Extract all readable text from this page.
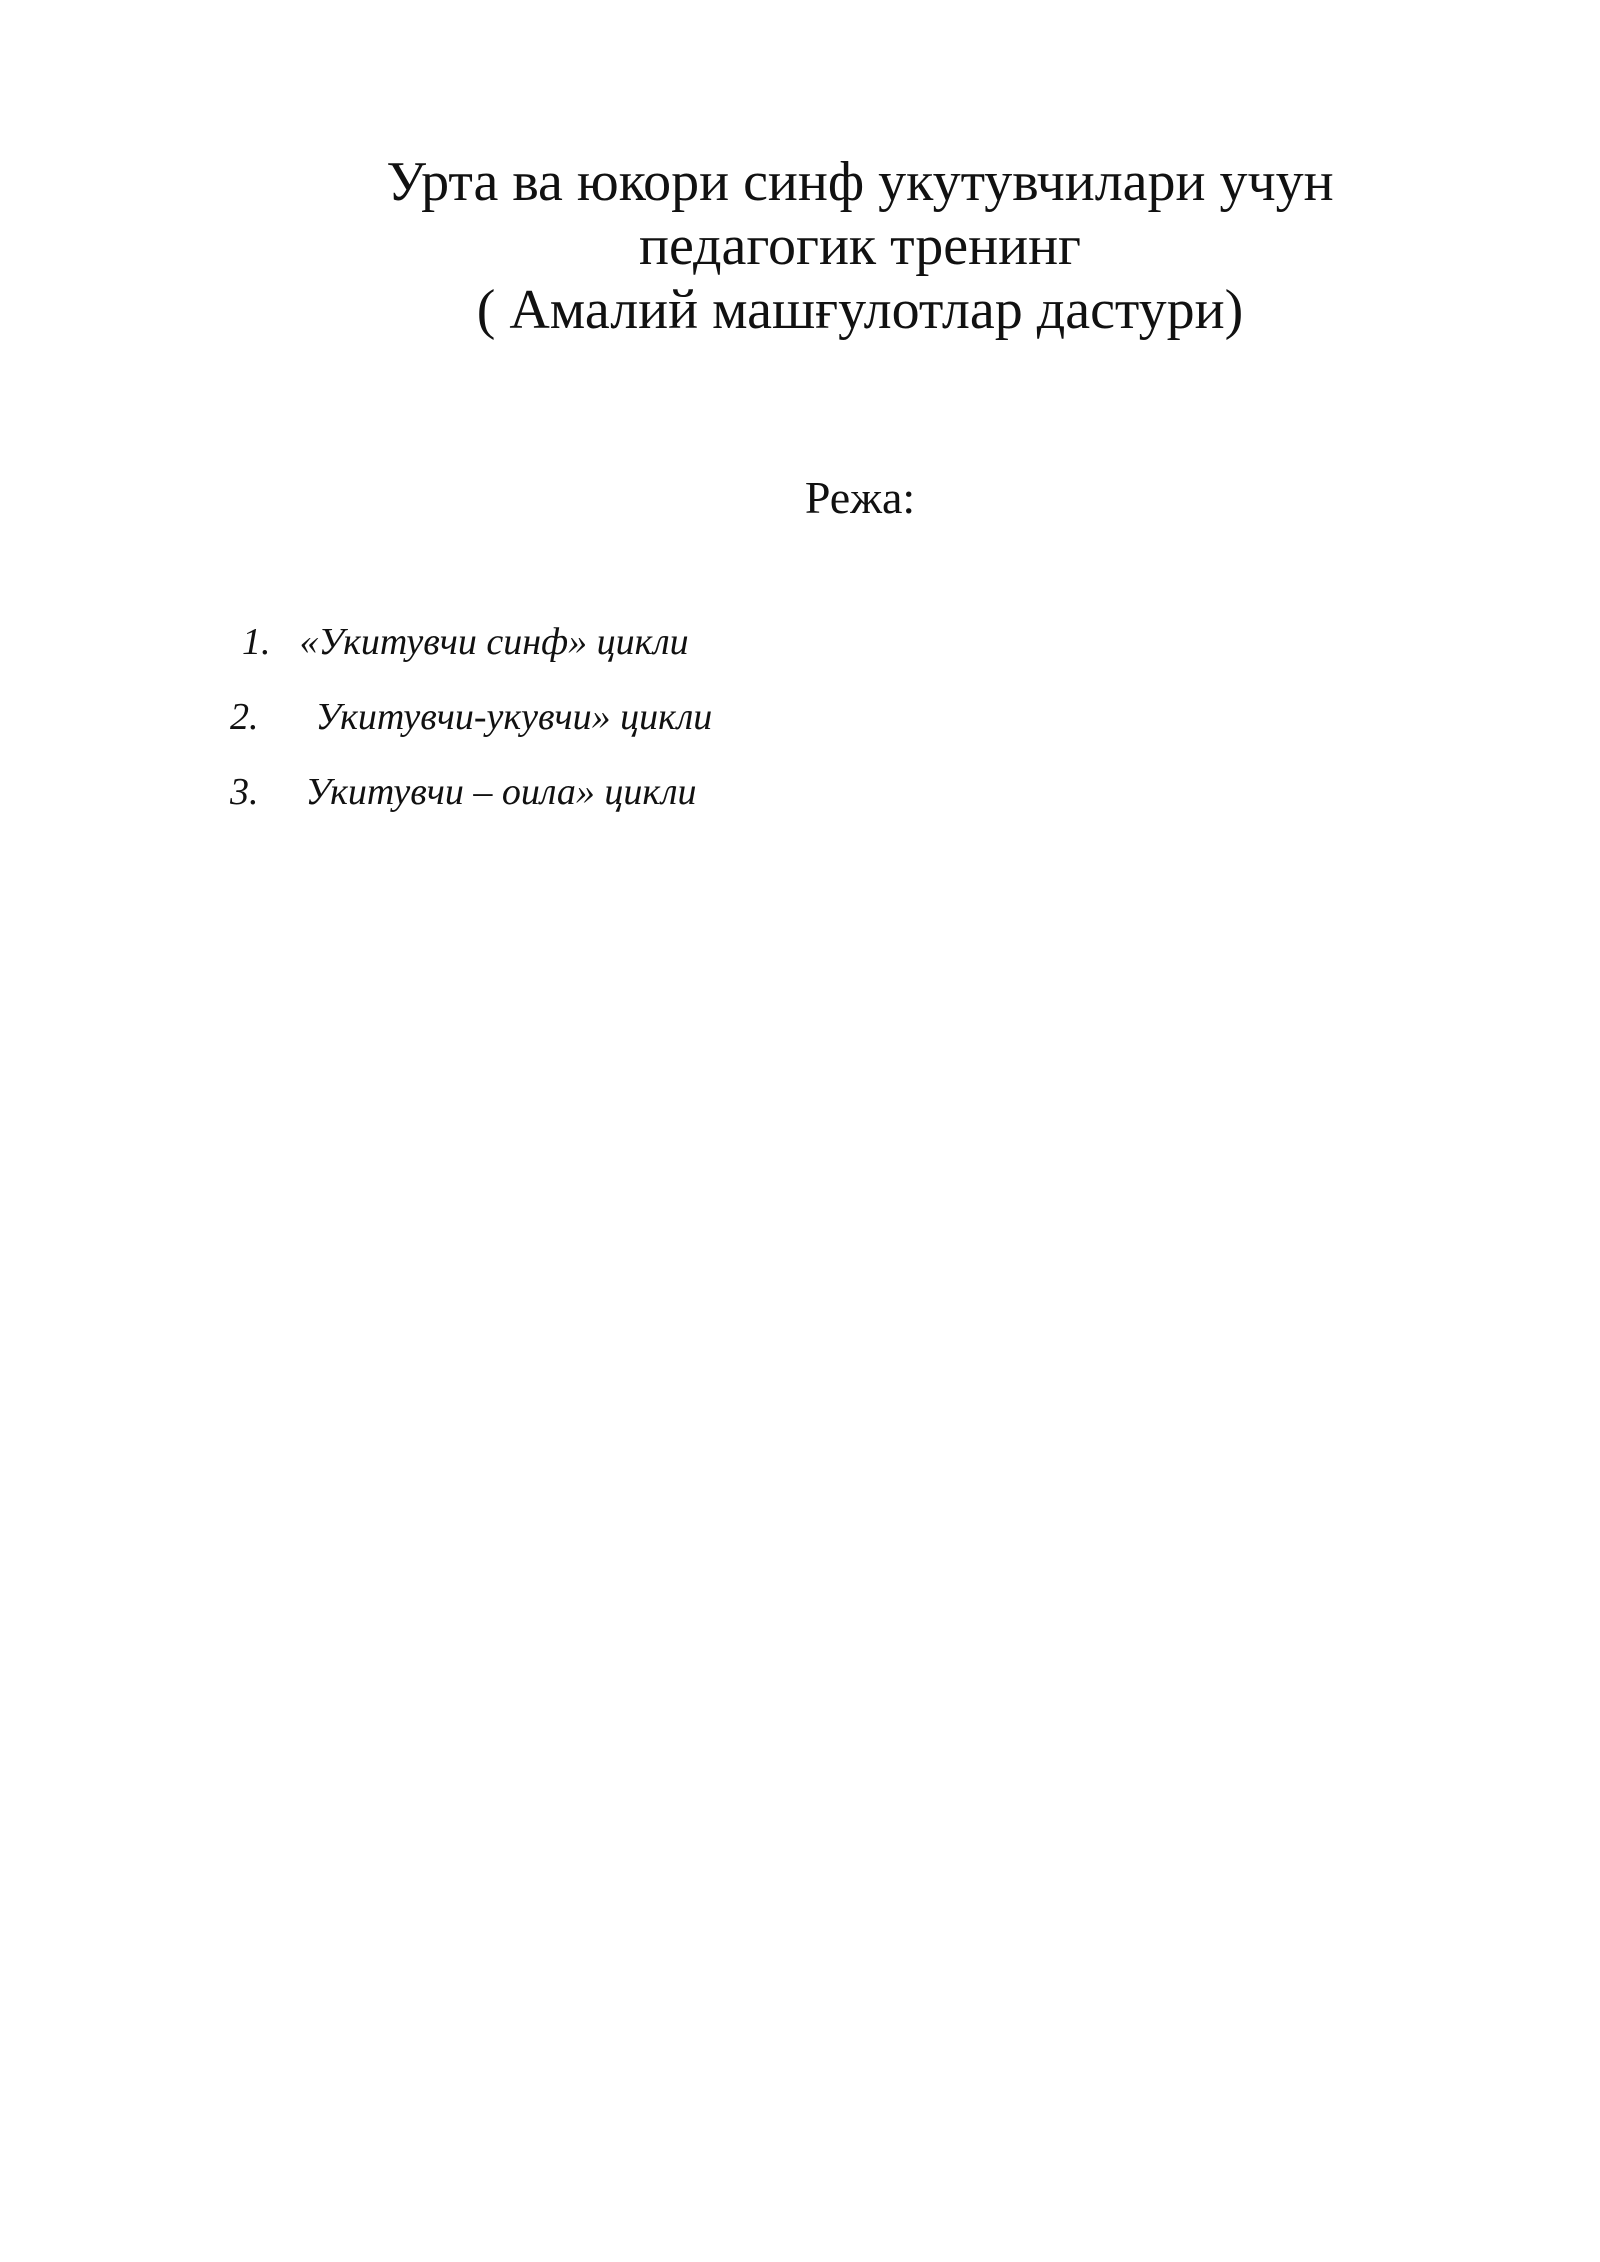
Урта ва юкори синф укутувчилари учун
педагогик тренинг
( Амалий машғулотлар дастури)
Режа:
1. «Укитувчи синф» цикли
2. Укитувчи-укувчи» цикли
3. Укитувчи – оила» цикли
